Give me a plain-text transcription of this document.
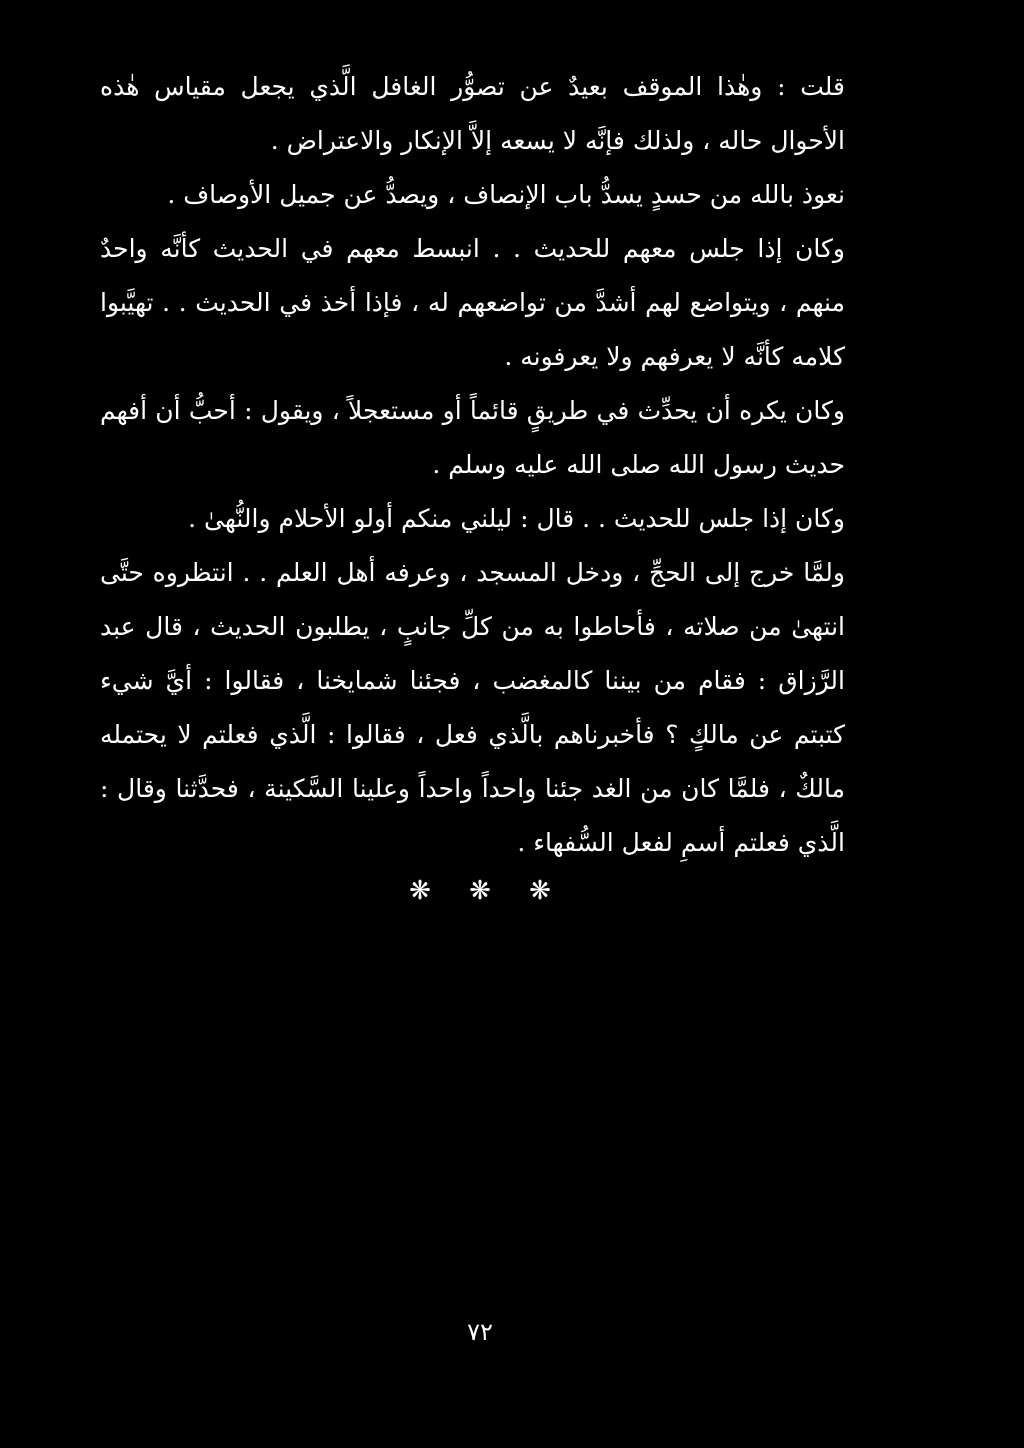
قلت : وهٰذا الموقف بعيدٌ عن تصوُّر الغافل الَّذي يجعل مقياس هٰذه الأحوال حاله ، ولذلك فإنَّه لا يسعه إلاَّ الإنكار والاعتراض .

نعوذ بالله من حسدٍ يسدُّ باب الإنصاف ، ويصدُّ عن جميل الأوصاف .

وكان إذا جلس معهم للحديث . . انبسط معهم في الحديث كأنَّه واحدٌ منهم ، ويتواضع لهم أشدَّ من تواضعهم له ، فإذا أخذ في الحديث . . تهيَّبوا كلامه كأنَّه لا يعرفهم ولا يعرفونه .

وكان يكره أن يحدِّث في طريقٍ قائماً أو مستعجلاً ، ويقول : أحبُّ أن أفهم حديث رسول الله صلى الله عليه وسلم .

وكان إذا جلس للحديث . . قال : ليلني منكم أولو الأحلام والنُّهىٰ .

ولمَّا خرج إلى الحجِّ ، ودخل المسجد ، وعرفه أهل العلم . . انتظروه حتَّى انتهىٰ من صلاته ، فأحاطوا به من كلِّ جانبٍ ، يطلبون الحديث ، قال عبد الرَّزاق : فقام من بيننا كالمغضب ، فجئنا شمايخنا ، فقالوا : أيَّ شيء كتبتم عن مالكٍ ؟ فأخبرناهم بالَّذي فعل ، فقالوا : الَّذي فعلتم لا يحتمله مالكٌ ، فلمَّا كان من الغد جئنا واحداً واحداً وعلينا السَّكينة ، فحدَّثنا وقال : الَّذي فعلتم أسمِ لفعل السُّفهاء .

❋	❋	❋
٧٢
